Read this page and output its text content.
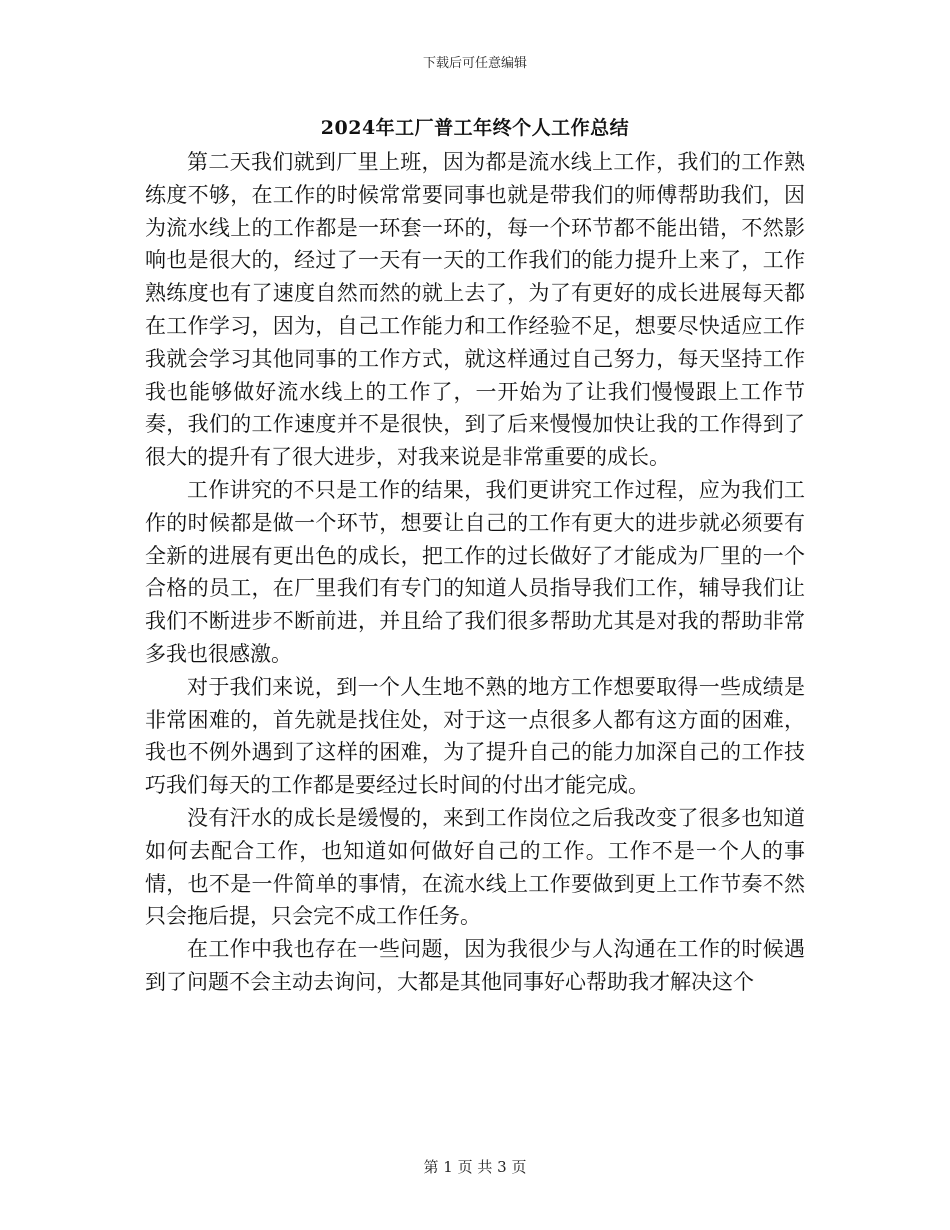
下载后可任意编辑
2024年工厂普工年终个人工作总结

第二天我们就到厂里上班，因为都是流水线上工作，我们的工作熟练度不够，在工作的时候常常要同事也就是带我们的师傅帮助我们，因为流水线上的工作都是一环套一环的，每一个环节都不能出错，不然影响也是很大的，经过了一天有一天的工作我们的能力提升上来了，工作熟练度也有了速度自然而然的就上去了，为了有更好的成长进展每天都在工作学习，因为，自己工作能力和工作经验不足，想要尽快适应工作我就会学习其他同事的工作方式，就这样通过自己努力，每天坚持工作我也能够做好流水线上的工作了，一开始为了让我们慢慢跟上工作节奏，我们的工作速度并不是很快，到了后来慢慢加快让我的工作得到了很大的提升有了很大进步，对我来说是非常重要的成长。

工作讲究的不只是工作的结果，我们更讲究工作过程，应为我们工作的时候都是做一个环节，想要让自己的工作有更大的进步就必须要有全新的进展有更出色的成长，把工作的过长做好了才能成为厂里的一个合格的员工，在厂里我们有专门的知道人员指导我们工作，辅导我们让我们不断进步不断前进，并且给了我们很多帮助尤其是对我的帮助非常多我也很感激。

对于我们来说，到一个人生地不熟的地方工作想要取得一些成绩是非常困难的，首先就是找住处，对于这一点很多人都有这方面的困难，我也不例外遇到了这样的困难，为了提升自己的能力加深自己的工作技巧我们每天的工作都是要经过长时间的付出才能完成。

没有汗水的成长是缓慢的，来到工作岗位之后我改变了很多也知道如何去配合工作，也知道如何做好自己的工作。工作不是一个人的事情，也不是一件简单的事情，在流水线上工作要做到更上工作节奏不然只会拖后提，只会完不成工作任务。

在工作中我也存在一些问题，因为我很少与人沟通在工作的时候遇到了问题不会主动去询问，大都是其他同事好心帮助我才解决这个

第 1 页 共 3 页
